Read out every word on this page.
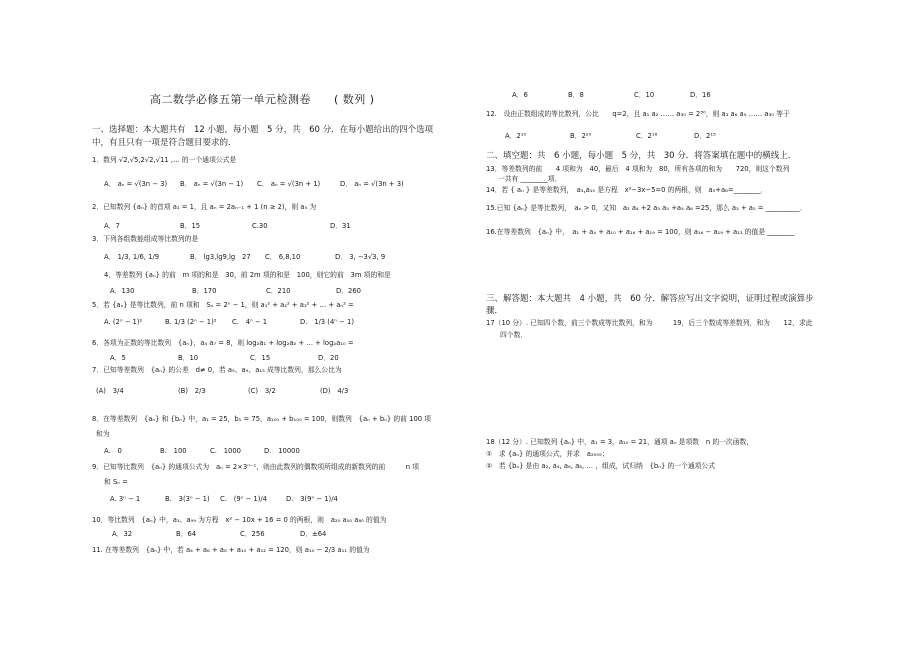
高二数学必修五第一单元检测卷　　( 数列 )
一、选择题：本大题共有　12 小题，每小题　5 分，共　60 分．在每小题给出的四个选项
中，有且只有一项是符合题目要求的．
1．数列 √2,√5,2√2,√11 ,… 的一个通项公式是
A． aₙ = √(3n − 3) B． aₙ = √(3n − 1) C． aₙ = √(3n + 1)	D． aₙ = √(3n + 3)
2．已知数列 {aₙ} 的首项 a₁ = 1，且 aₙ = 2aₙ₋₁ + 1 (n ≥ 2)，则 a₅ 为
A．7	B．15	C.30	D．31
3．下列各组数能组成等比数列的是
A． 1/3, 1/6, 1/9	B． lg3,lg9,lg　27 C． 6,8,10	D． 3, −3√3, 9
4．等差数列 {aₙ} 的前　m 项的和是　30，前 2m 项的和是　100，则它的前　3m 项的和是
A．130	B．170	C．210	D．260
5．若 {aₙ} 是等比数列，前 n 项和　Sₙ = 2ⁿ − 1，则 a₁² + a₂² + a₃² + … + aₙ² =
A. (2ⁿ − 1)²	B. 1/3 (2ⁿ − 1)² C.　4ⁿ − 1	D.　1/3 (4ⁿ − 1)
6．各项为正数的等比数列　{aₙ}，a₄ a₇ = 8，则 log₂a₁ + log₂a₂ + … + log₂a₁₀ =
A．5	B．10	C．15	D．20
7．已知等差数列　{aₙ} 的公差　d≠ 0，若 a₅、a₉、a₁₅ 成等比数列，那么公比为
(A)　3/4	(B)　2/3	(C)　3/2	(D)　4/3
8．在等差数列　{aₙ} 和 {bₙ} 中，a₁ = 25，b₁ = 75，a₁₀₀ + b₁₀₀ = 100，则数列　{aₙ + bₙ} 的前 100 项
和为
A.　0	B.　100	C.　1000	D.　10000
9．已知等比数列　{aₙ} 的通项公式为　aₙ = 2×3ⁿ⁻¹，则由此数列的偶数项所组成的新数列的前　　　n 项
和 Sₙ =
A. 3ⁿ − 1	B.　3(3ⁿ − 1) C.　(9ⁿ − 1)/4	D.　3(9ⁿ − 1)/4
10．等比数列　{aₙ} 中，a₁、a₉₉ 为方程　x² − 10x + 16 = 0 的两根，则　a₂₀ a₅₀ a₈₀ 的值为
A．32	B．64	C．256	D．±64
11. 在等差数列　{aₙ} 中，若 a₄ + a₆ + a₈ + a₁₀ + a₁₂ = 120，则 a₁₀ − 2/3 a₁₁ 的值为
A．6	B．8	C．10	D．16
12.　设由正数组成的等比数列，公比　　q=2，且 a₁ a₂ …… a₃₀ = 2³⁰，则 a₃ a₆ a₉ …… a₃₀ 等于
A．2¹⁰	B．2²⁰	C．2¹⁶	D．2¹⁵
二、填空题：共　6 小题，每小题　5 分，共　30 分．将答案填在题中的横线上．
13．等差数列的前　　4 项和为　40，最后　4 项和为　80，所有各项的和为　　720，则这个数列
一共有 ________项．
14．若 { aₙ } 是等差数列，　a₃,a₁₀ 是方程　x²−3x−5=0 的两根，则　a₅+a₈=________．
15.已知 {aₙ} 是等比数列，　aₙ > 0，又知　a₂ a₄ +2 a₃ a₅ +a₄ a₆ =25，那么 a₃ + a₅ = __________．
16.在等差数列　{aₙ} 中，　a₁ + a₄ + a₁₀ + a₁₆ + a₁₉ = 100，则 a₁₆ − a₁₉ + a₁₃ 的值是 ________
三、解答题：本大题共　4 小题，共　60 分．解答应写出文字说明，证明过程或演算步
骤．
17（10 分）. 已知四个数，前三个数成等比数列，和为　　　19，后三个数成等差数列，和为　　12，求此
四个数．
18（12 分）. 已知数列 {aₙ} 中，a₁ = 3，a₁₀ = 21，通项 aₙ 是项数　n 的一次函数，
①　求 {aₙ} 的通项公式，并求　a₂₀₀₉；
②　若 {bₙ} 是由 a₂, a₄, a₆, a₈, … ，组成，试归纳　{bₙ} 的一个通项公式
